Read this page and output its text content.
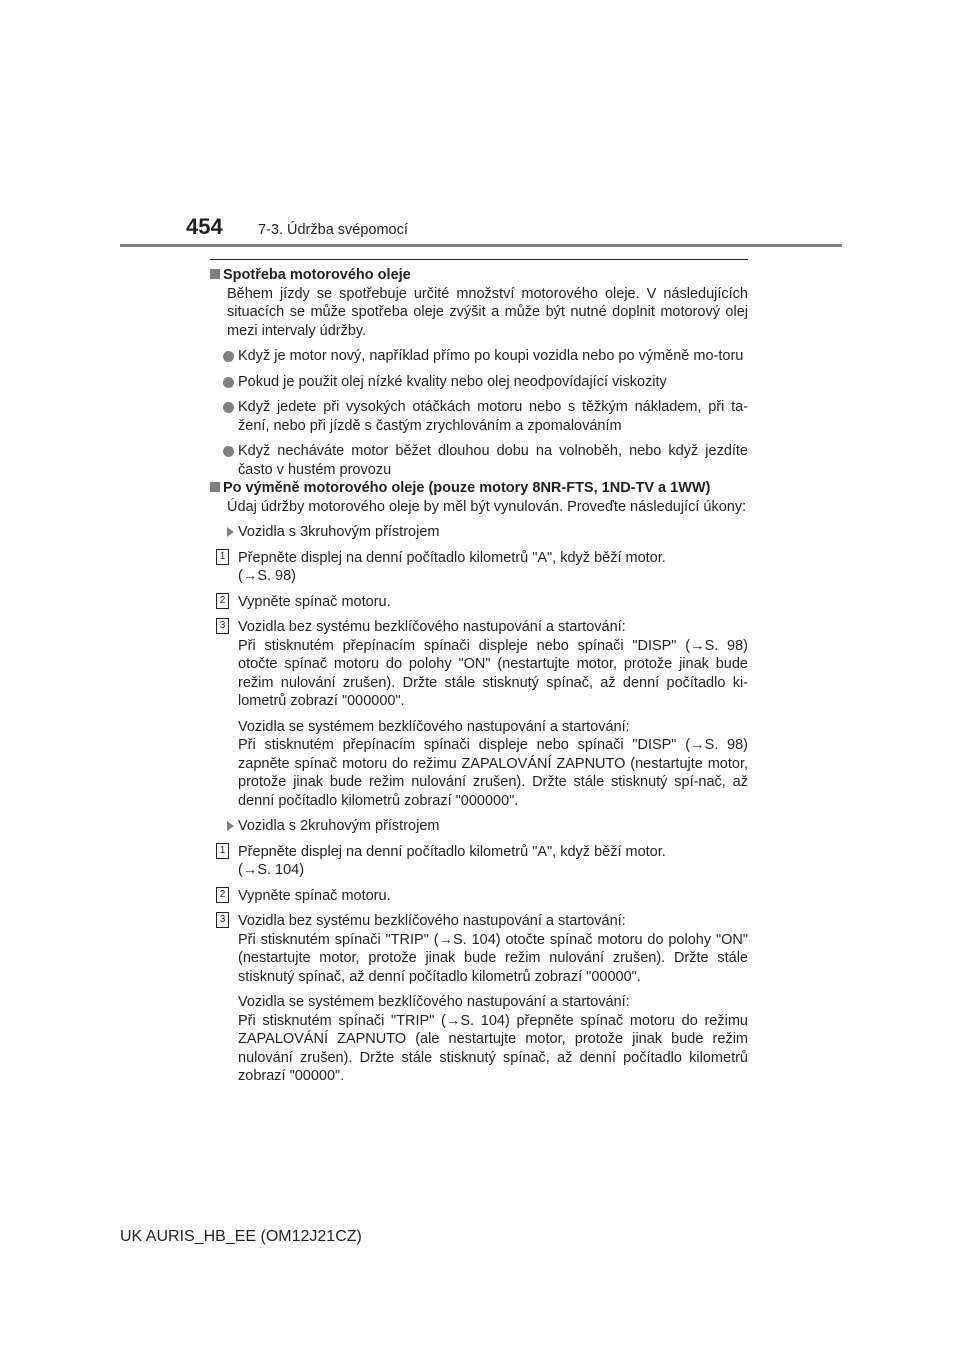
454 7-3. Údržba svépomocí

Spotřeba motorového oleje

Během jízdy se spotřebuje určité množství motorového oleje. V následujících situacích se může spotřeba oleje zvýšit a může být nutné doplnit motorový olej mezi intervaly údržby.

Když je motor nový, například přímo po koupi vozidla nebo po výměně mo-toru

Pokud je použit olej nízké kvality nebo olej neodpovídající viskozity

Když jedete při vysokých otáčkách motoru nebo s těžkým nákladem, při ta-žení, nebo při jízdě s častým zrychlováním a zpomalováním

Když necháváte motor běžet dlouhou dobu na volnoběh, nebo když jezdíte často v hustém provozu

Po výměně motorového oleje (pouze motory 8NR-FTS, 1ND-TV a 1WW)

Údaj údržby motorového oleje by měl být vynulován. Proveďte následující úkony:

Vozidla s 3kruhovým přístrojem

1 Přepněte displej na denní počítadlo kilometrů "A", když běží motor.
(→S. 98)
2 Vypněte spínač motoru.
3 Vozidla bez systému bezklíčového nastupování a startování:
Při stisknutém přepínacím spínači displeje nebo spínači "DISP" (→S. 98) otočte spínač motoru do polohy "ON" (nestartujte motor, protože jinak bude režim nulování zrušen). Držte stále stisknutý spínač, až denní počítadlo ki-lometrů zobrazí "000000".
Vozidla se systémem bezklíčového nastupování a startování:
Při stisknutém přepínacím spínači displeje nebo spínači "DISP" (→S. 98) zapněte spínač motoru do režimu ZAPALOVÁNÍ ZAPNUTO (nestartujte motor, protože jinak bude režim nulování zrušen). Držte stále stisknutý spí-nač, až denní počítadlo kilometrů zobrazí "000000".

Vozidla s 2kruhovým přístrojem

1 Přepněte displej na denní počítadlo kilometrů "A", když běží motor.
(→S. 104)
2 Vypněte spínač motoru.
3 Vozidla bez systému bezklíčového nastupování a startování:
Při stisknutém spínači "TRIP" (→S. 104) otočte spínač motoru do polohy "ON" (nestartujte motor, protože jinak bude režim nulování zrušen). Držte stále stisknutý spínač, až denní počítadlo kilometrů zobrazí "00000".
Vozidla se systémem bezklíčového nastupování a startování:
Při stisknutém spínači "TRIP" (→S. 104) přepněte spínač motoru do režimu ZAPALOVÁNÍ ZAPNUTO (ale nestartujte motor, protože jinak bude režim nulování zrušen). Držte stále stisknutý spínač, až denní počítadlo kilometrů zobrazí "00000".
UK AURIS_HB_EE (OM12J21CZ)
